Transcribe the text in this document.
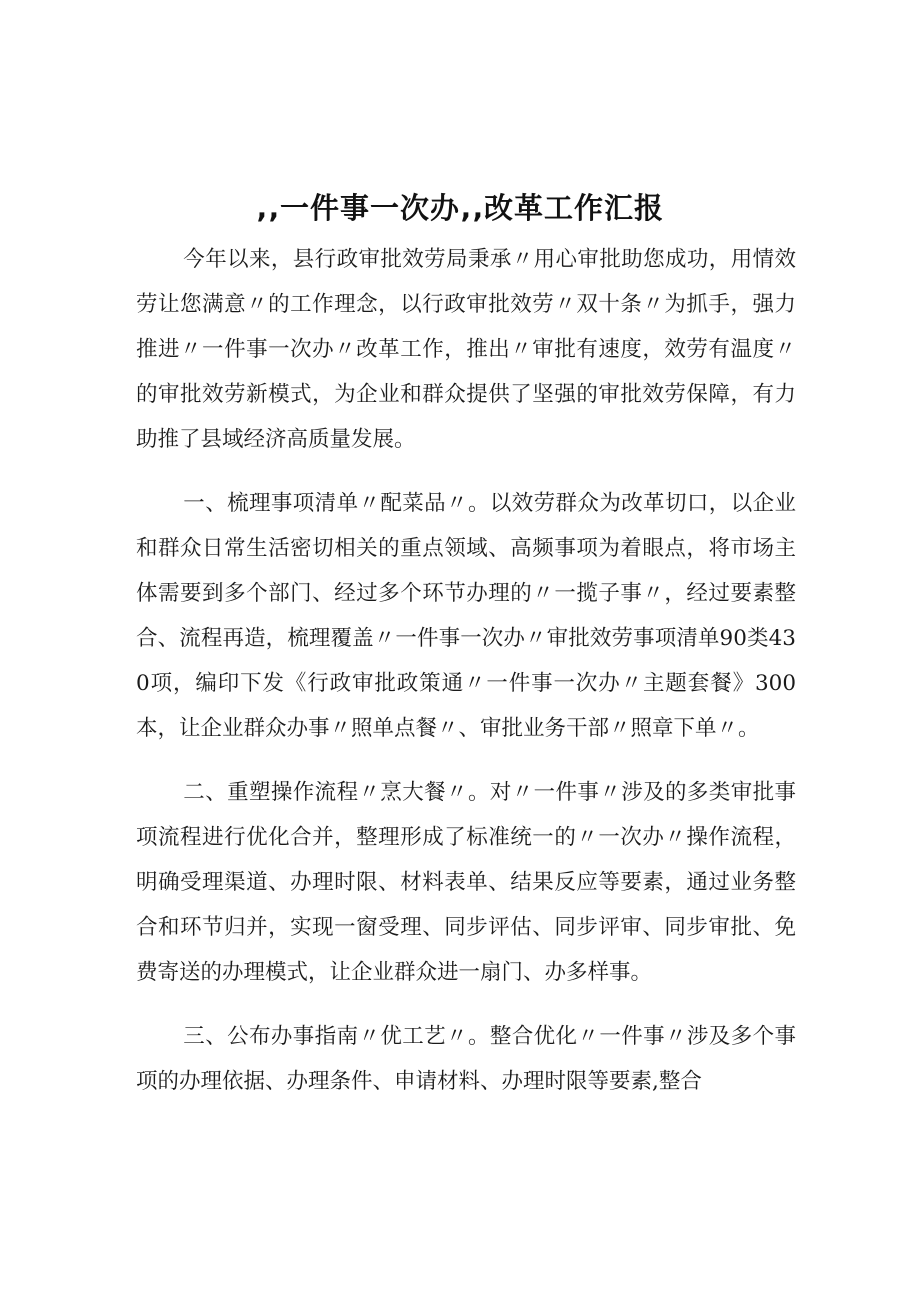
‚‚一件事一次办‚‚改革工作汇报

今年以来，县行政审批效劳局秉承〃用心审批助您成功，用情效劳让您满意〃的工作理念，以行政审批效劳〃双十条〃为抓手，强力推进〃一件事一次办〃改革工作，推出〃审批有速度，效劳有温度〃的审批效劳新模式，为企业和群众提供了坚强的审批效劳保障，有力助推了县域经济高质量发展。

一、梳理事项清单〃配菜品〃。以效劳群众为改革切口，以企业和群众日常生活密切相关的重点领域、高频事项为着眼点，将市场主体需要到多个部门、经过多个环节办理的〃一揽子事〃，经过要素整合、流程再造，梳理覆盖〃一件事一次办〃审批效劳事项清单90类430项，编印下发《行政审批政策通〃一件事一次办〃主题套餐》300本，让企业群众办事〃照单点餐〃、审批业务干部〃照章下单〃。

二、重塑操作流程〃烹大餐〃。对〃一件事〃涉及的多类审批事项流程进行优化合并，整理形成了标准统一的〃一次办〃操作流程，明确受理渠道、办理时限、材料表单、结果反应等要素，通过业务整合和环节归并，实现一窗受理、同步评估、同步评审、同步审批、免费寄送的办理模式，让企业群众进一扇门、办多样事。

三、公布办事指南〃优工艺〃。整合优化〃一件事〃涉及多个事项的办理依据、办理条件、申请材料、办理时限等要素,整合
